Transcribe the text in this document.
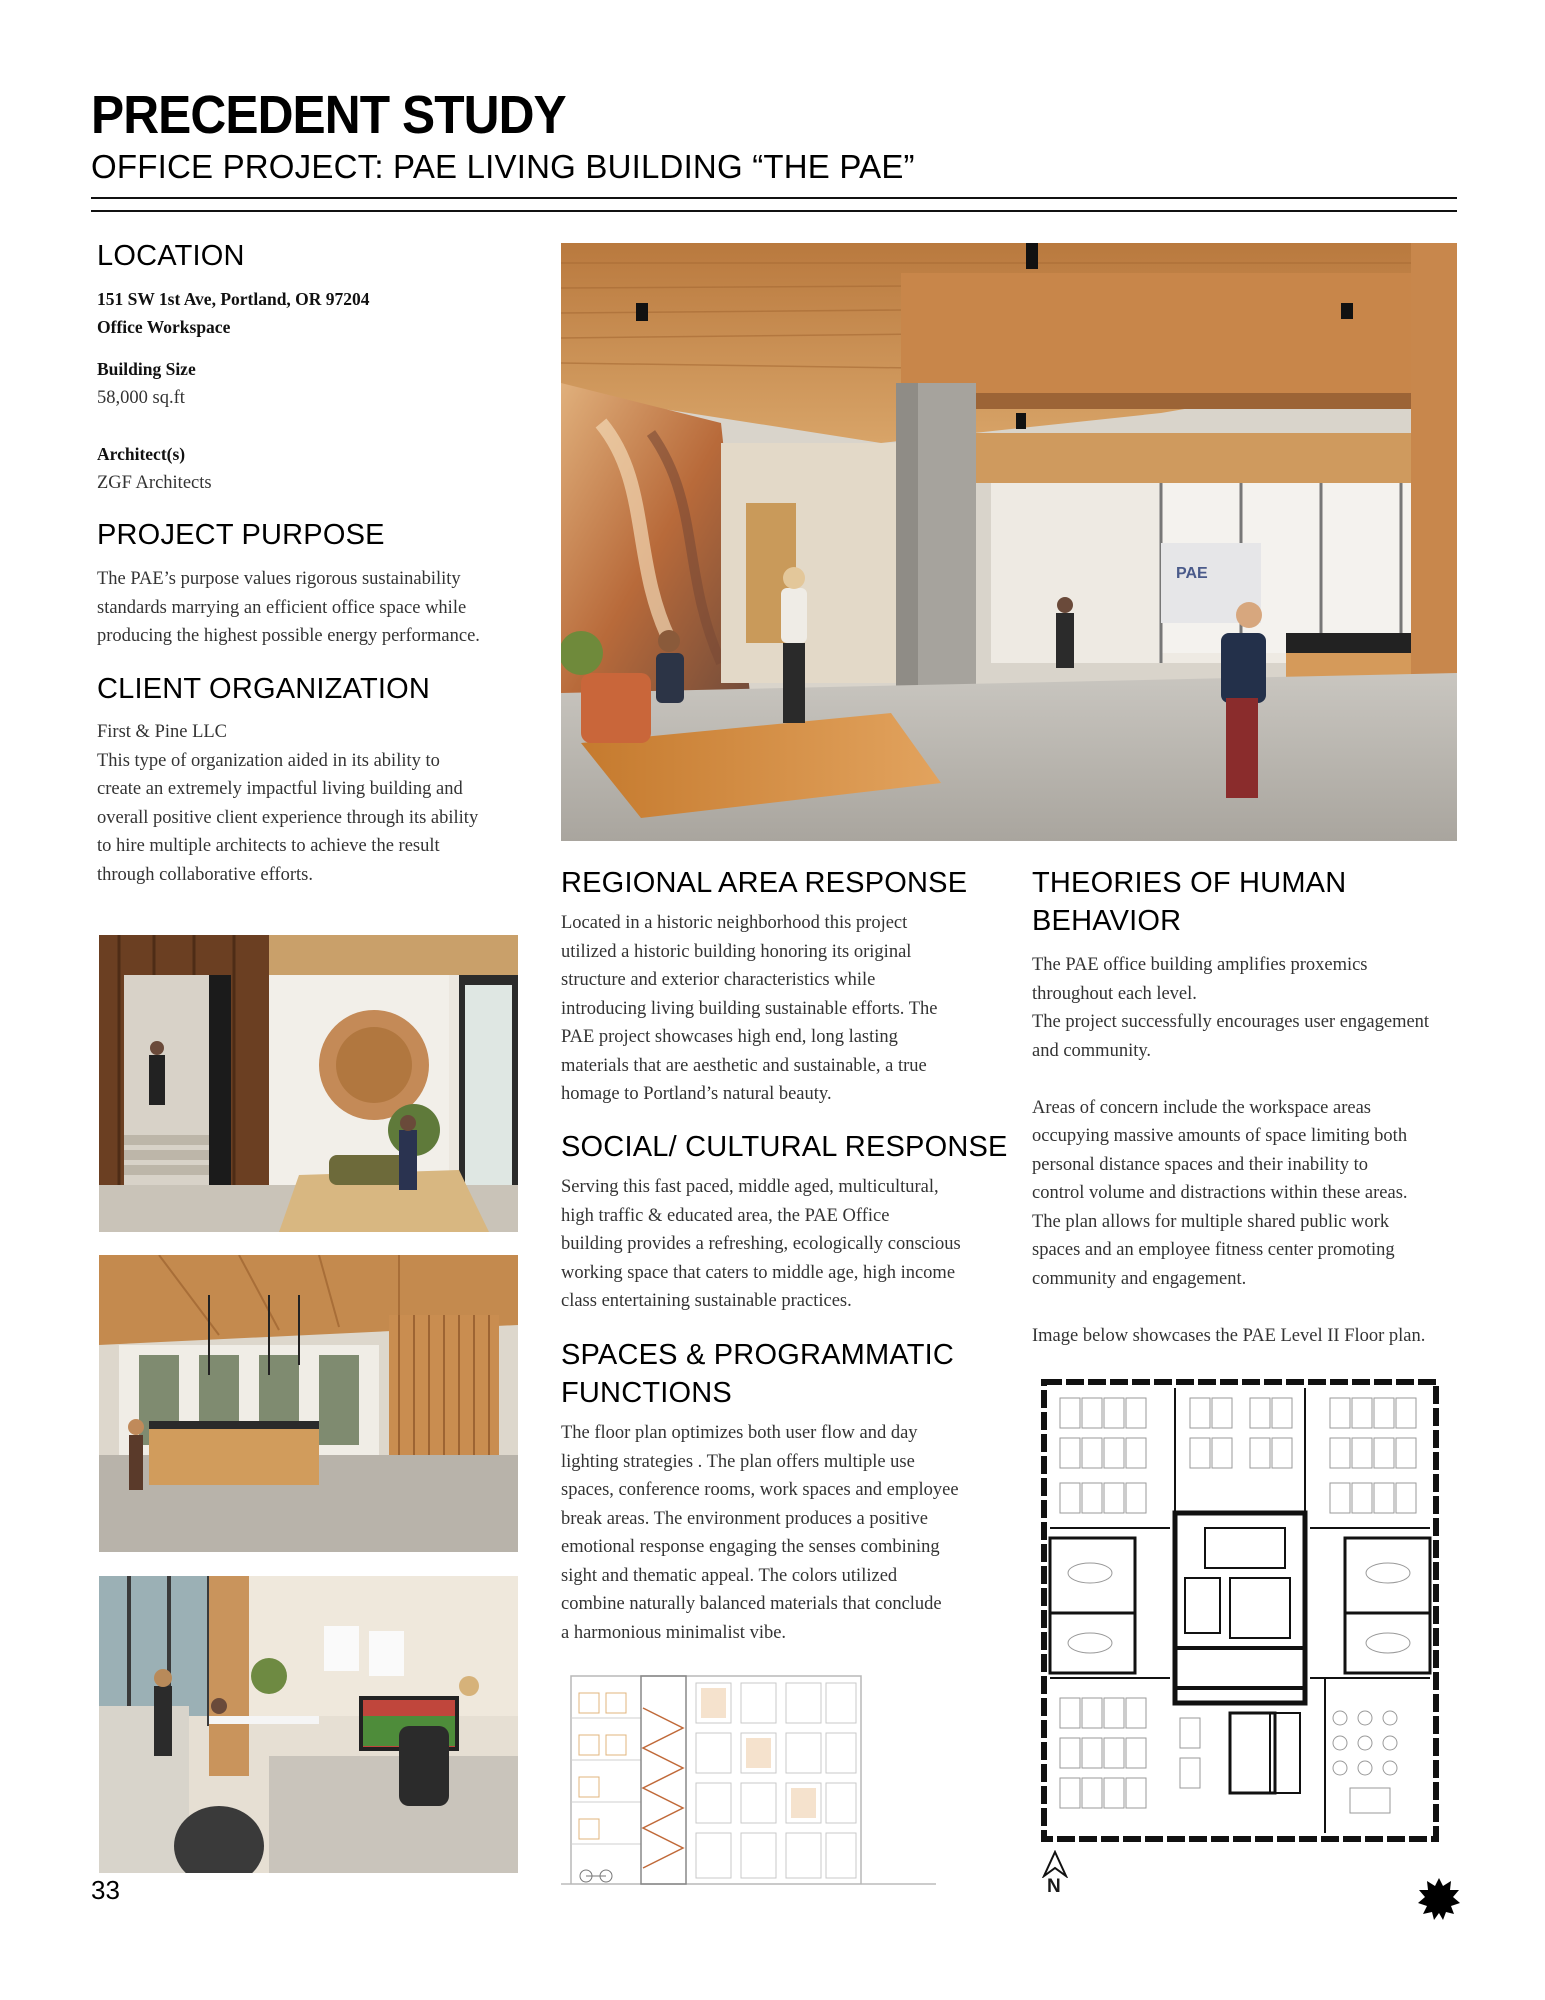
PRECEDENT STUDY
OFFICE PROJECT: PAE LIVING BUILDING “THE PAE”
LOCATION
151 SW 1st Ave, Portland, OR 97204
Office Workspace
Building Size
58,000 sq.ft
Architect(s)
ZGF Architects
PROJECT PURPOSE
The PAE’s purpose values rigorous sustainability
standards marrying an efficient office space while
producing the highest possible energy performance.
CLIENT ORGANIZATION
First & Pine LLC
This type of organization aided in its ability to
create an extremely impactful living building and
overall positive client experience through its ability
to hire multiple architects to achieve the result
through collaborative efforts.
PAE
REGIONAL AREA RESPONSE
Located in a historic neighborhood this project
utilized a historic building honoring its original
structure and exterior characteristics while
introducing living building sustainable efforts. The
PAE project showcases high end, long lasting
materials that are aesthetic and sustainable, a true
homage to Portland’s natural beauty.
SOCIAL/ CULTURAL RESPONSE
Serving this fast paced, middle aged, multicultural,
high traffic & educated area, the PAE Office
building provides a refreshing, ecologically conscious
working space that caters to middle age, high income
class entertaining sustainable practices.
SPACES & PROGRAMMATIC
FUNCTIONS
The floor plan optimizes both user flow and day
lighting strategies . The plan offers multiple use
spaces, conference rooms, work spaces and employee
break areas. The environment produces a positive
emotional response engaging the senses combining
sight and thematic appeal. The colors utilized
combine naturally balanced materials that conclude
a harmonious minimalist vibe.
THEORIES OF HUMAN
BEHAVIOR
The PAE office building amplifies proxemics
throughout each level.
The project successfully encourages user engagement
and community.
Areas of concern include the workspace areas
occupying massive amounts of space limiting both
personal distance spaces and their inability to
control volume and distractions within these areas.
The plan allows for multiple shared public work
spaces and an employee fitness center promoting
community and engagement.
Image below showcases the PAE Level II Floor plan.
N
33
